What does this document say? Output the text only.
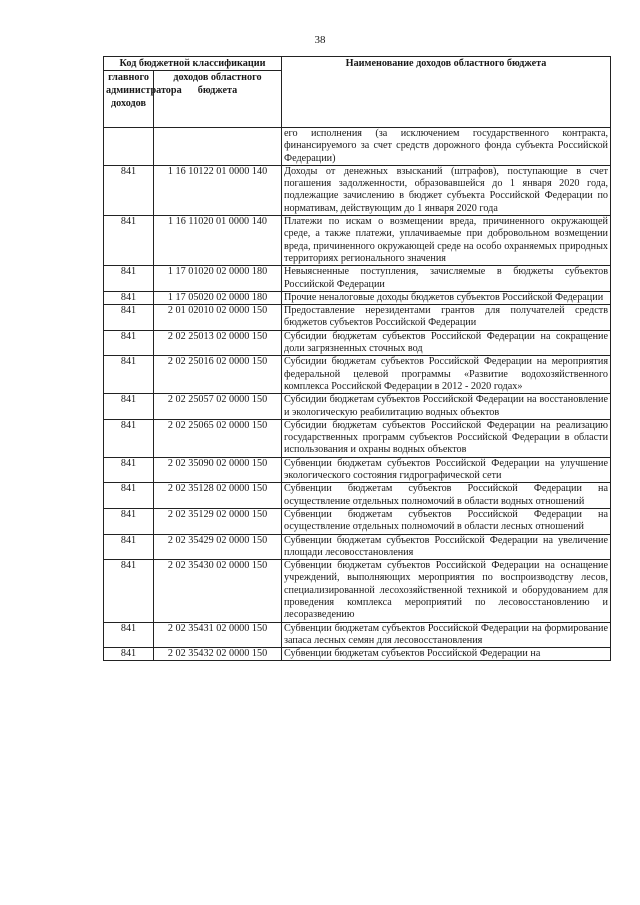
38
Код бюджетной классификации		Наименование доходов областного бюджета
главного администратора доходов	доходов областного бюджета	
		его исполнения (за исключением государственного контракта, финансируемого за счет средств дорожного фонда субъекта Российской Федерации)
841	1 16 10122 01 0000 140	Доходы от денежных взысканий (штрафов), поступающие в счет погашения задолженности, образовавшейся до 1 января 2020 года, подлежащие зачислению в бюджет субъекта Российской Федерации по нормативам, действующим до 1 января 2020 года
841	1 16 11020 01 0000 140	Платежи по искам о возмещении вреда, причиненного окружающей среде, а также платежи, уплачиваемые при добровольном возмещении вреда, причиненного окружающей среде на особо охраняемых природных территориях регионального значения
841	1 17 01020 02 0000 180	Невыясненные поступления, зачисляемые в бюджеты субъектов Российской Федерации
841	1 17 05020 02 0000 180	Прочие неналоговые доходы бюджетов субъектов Российской Федерации
841	2 01 02010 02 0000 150	Предоставление нерезидентами грантов для получателей средств бюджетов субъектов Российской Федерации
841	2 02 25013 02 0000 150	Субсидии бюджетам субъектов Российской Федерации на сокращение доли загрязненных сточных вод
841	2 02 25016 02 0000 150	Субсидии бюджетам субъектов Российской Федерации на мероприятия федеральной целевой программы «Развитие водохозяйственного комплекса Российской Федерации в 2012 - 2020 годах»
841	2 02 25057 02 0000 150	Субсидии бюджетам субъектов Российской Федерации на восстановление и экологическую реабилитацию водных объектов
841	2 02 25065 02 0000 150	Субсидии бюджетам субъектов Российской Федерации на реализацию государственных программ субъектов Российской Федерации в области использования и охраны водных объектов
841	2 02 35090 02 0000 150	Субвенции бюджетам субъектов Российской Федерации на улучшение экологического состояния гидрографической сети
841	2 02 35128 02 0000 150	Субвенции бюджетам субъектов Российской Федерации на осуществление отдельных полномочий в области водных отношений
841	2 02 35129 02 0000 150	Субвенции бюджетам субъектов Российской Федерации на осуществление отдельных полномочий в области лесных отношений
841	2 02 35429 02 0000 150	Субвенции бюджетам субъектов Российской Федерации на увеличение площади лесовосстановления
841	2 02 35430 02 0000 150	Субвенции бюджетам субъектов Российской Федерации на оснащение учреждений, выполняющих мероприятия по воспроизводству лесов, специализированной лесохозяйственной техникой и оборудованием для проведения комплекса мероприятий по лесовосстановлению и лесоразведению
841	2 02 35431 02 0000 150	Субвенции бюджетам субъектов Российской Федерации на формирование запаса лесных семян для лесовосстановления
841	2 02 35432 02 0000 150	Субвенции бюджетам субъектов Российской Федерации на
